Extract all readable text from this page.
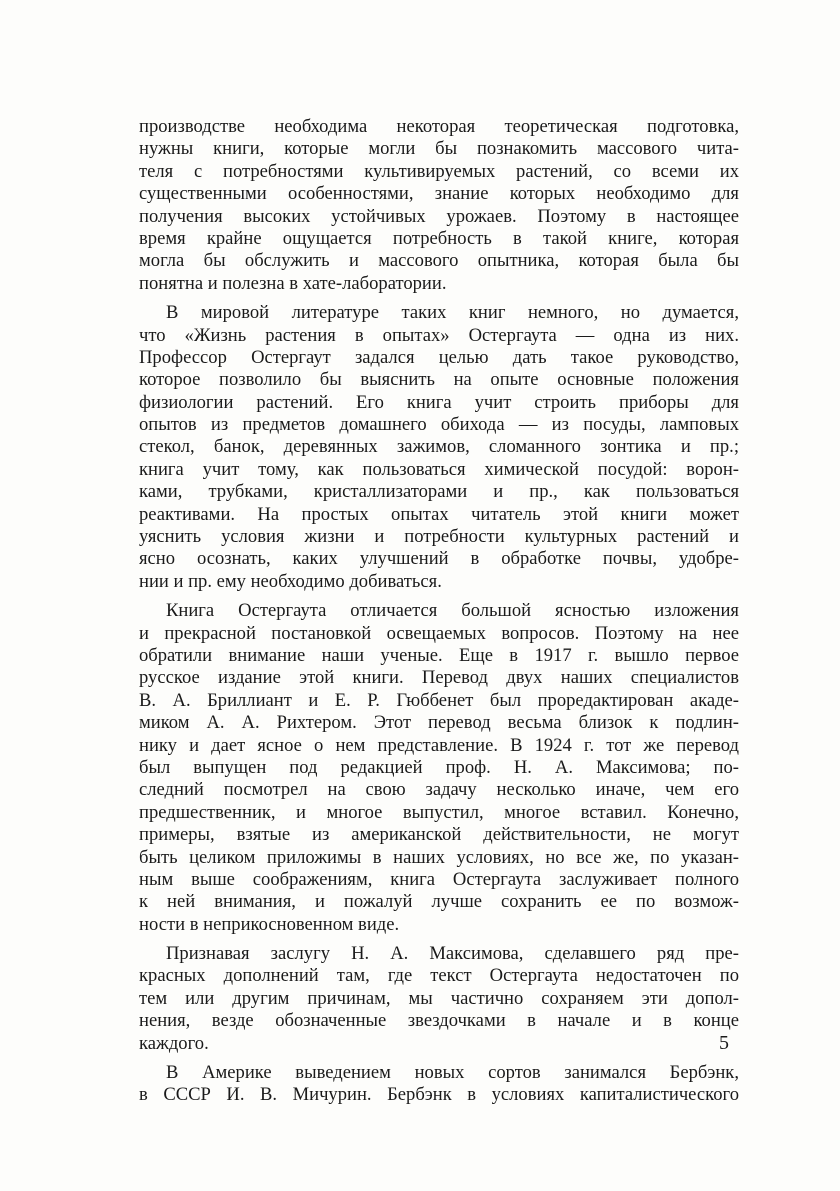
производстве необходима некоторая теоретическая подготовка,
нужны книги, которые могли бы познакомить массового чита-
теля с потребностями культивируемых растений, со всеми их
существенными особенностями, знание которых необходимо для
получения высоких устойчивых урожаев. Поэтому в настоящее
время крайне ощущается потребность в такой книге, которая
могла бы обслужить и массового опытника, которая была бы
понятна и полезна в хате-лаборатории.
В мировой литературе таких книг немного, но думается,
что «Жизнь растения в опытах» Остергаута — одна из них.
Профессор Остергаут задался целью дать такое руководство,
которое позволило бы выяснить на опыте основные положения
физиологии растений. Его книга учит строить приборы для
опытов из предметов домашнего обихода — из посуды, ламповых
стекол, банок, деревянных зажимов, сломанного зонтика и пр.;
книга учит тому, как пользоваться химической посудой: ворон-
ками, трубками, кристаллизаторами и пр., как пользоваться
реактивами. На простых опытах читатель этой книги может
уяснить условия жизни и потребности культурных растений и
ясно осознать, каких улучшений в обработке почвы, удобре-
нии и пр. ему необходимо добиваться.
Книга Остергаута отличается большой ясностью изложения
и прекрасной постановкой освещаемых вопросов. Поэтому на нее
обратили внимание наши ученые. Еще в 1917 г. вышло первое
русское издание этой книги. Перевод двух наших специалистов
В. А. Бриллиант и Е. Р. Гюббенет был проредактирован акаде-
миком А. А. Рихтером. Этот перевод весьма близок к подлин-
нику и дает ясное о нем представление. В 1924 г. тот же перевод
был выпущен под редакцией проф. Н. А. Максимова; по-
следний посмотрел на свою задачу несколько иначе, чем его
предшественник, и многое выпустил, многое вставил. Конечно,
примеры, взятые из американской действительности, не могут
быть целиком приложимы в наших условиях, но все же, по указан-
ным выше соображениям, книга Остергаута заслуживает полного
к ней внимания, и пожалуй лучше сохранить ее по возмож-
ности в неприкосновенном виде.
Признавая заслугу Н. А. Максимова, сделавшего ряд пре-
красных дополнений там, где текст Остергаута недостаточен по
тем или другим причинам, мы частично сохраняем эти допол-
нения, везде обозначенные звездочками в начале и в конце
каждого.
В Америке выведением новых сортов занимался Бербэнк,
в СССР И. В. Мичурин. Бербэнк в условиях капиталистического
5
